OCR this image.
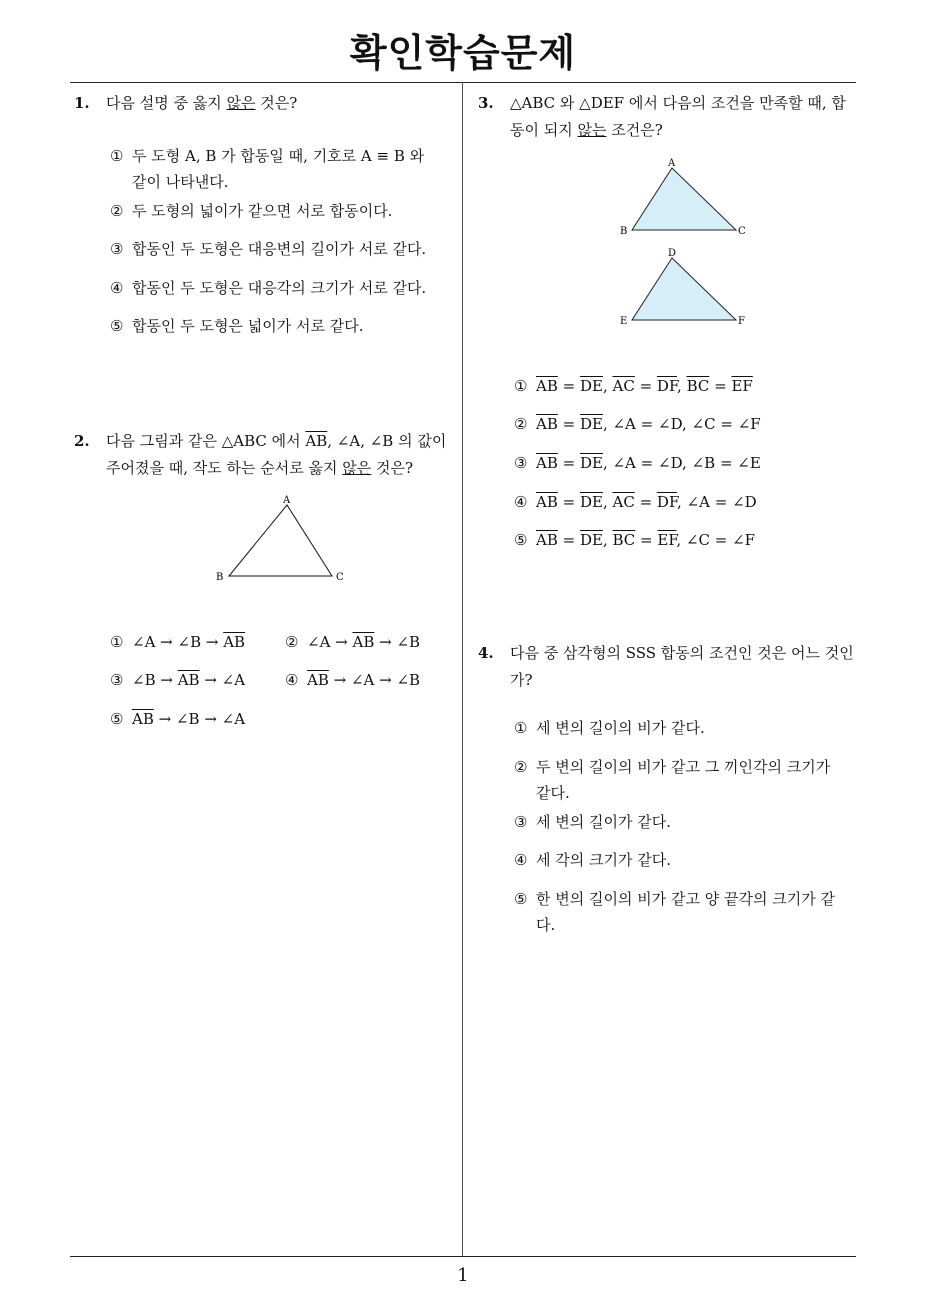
확인학습문제
1. 다음 설명 중 옳지 않은 것은?
① 두 도형 A, B 가 합동일 때, 기호로 A ≡ B 와
같이 나타낸다.
② 두 도형의 넓이가 같으면 서로 합동이다.
③ 합동인 두 도형은 대응변의 길이가 서로 같다.
④ 합동인 두 도형은 대응각의 크기가 서로 같다.
⑤ 합동인 두 도형은 넓이가 서로 같다.
2. 다음 그림과 같은 △ABC 에서 $\overline{AB}$, ∠A, ∠B 의 값이
주어졌을 때, 작도 하는 순서로 옳지 않은 것은?
A
B	C
① ∠A → ∠B → $\overline{AB}$	② ∠A → $\overline{AB}$ → ∠B
③ ∠B → $\overline{AB}$ → ∠A	④ $\overline{AB}$ → ∠A → ∠B
⑤ $\overline{AB}$ → ∠B → ∠A
3. △ABC 와 △DEF 에서 다음의 조건을 만족할 때, 합
동이 되지 않는 조건은?
A
B	C
D
E	F
① $\overline{AB} = \overline{DE}$, $\overline{AC} = \overline{DF}$, $\overline{BC} = \overline{EF}$
② $\overline{AB} = \overline{DE}$, ∠A = ∠D, ∠C = ∠F
③ $\overline{AB} = \overline{DE}$, ∠A = ∠D, ∠B = ∠E
④ $\overline{AB} = \overline{DE}$, $\overline{AC} = \overline{DF}$, ∠A = ∠D
⑤ $\overline{AB} = \overline{DE}$, $\overline{BC} = \overline{EF}$, ∠C = ∠F
4. 다음 중 삼각형의 SSS 합동의 조건인 것은 어느 것인
가?
① 세 변의 길이의 비가 같다.
② 두 변의 길이의 비가 같고 그 끼인각의 크기가
같다.
③ 세 변의 길이가 같다.
④ 세 각의 크기가 같다.
⑤ 한 변의 길이의 비가 같고 양 끝각의 크기가 같
다.
1
